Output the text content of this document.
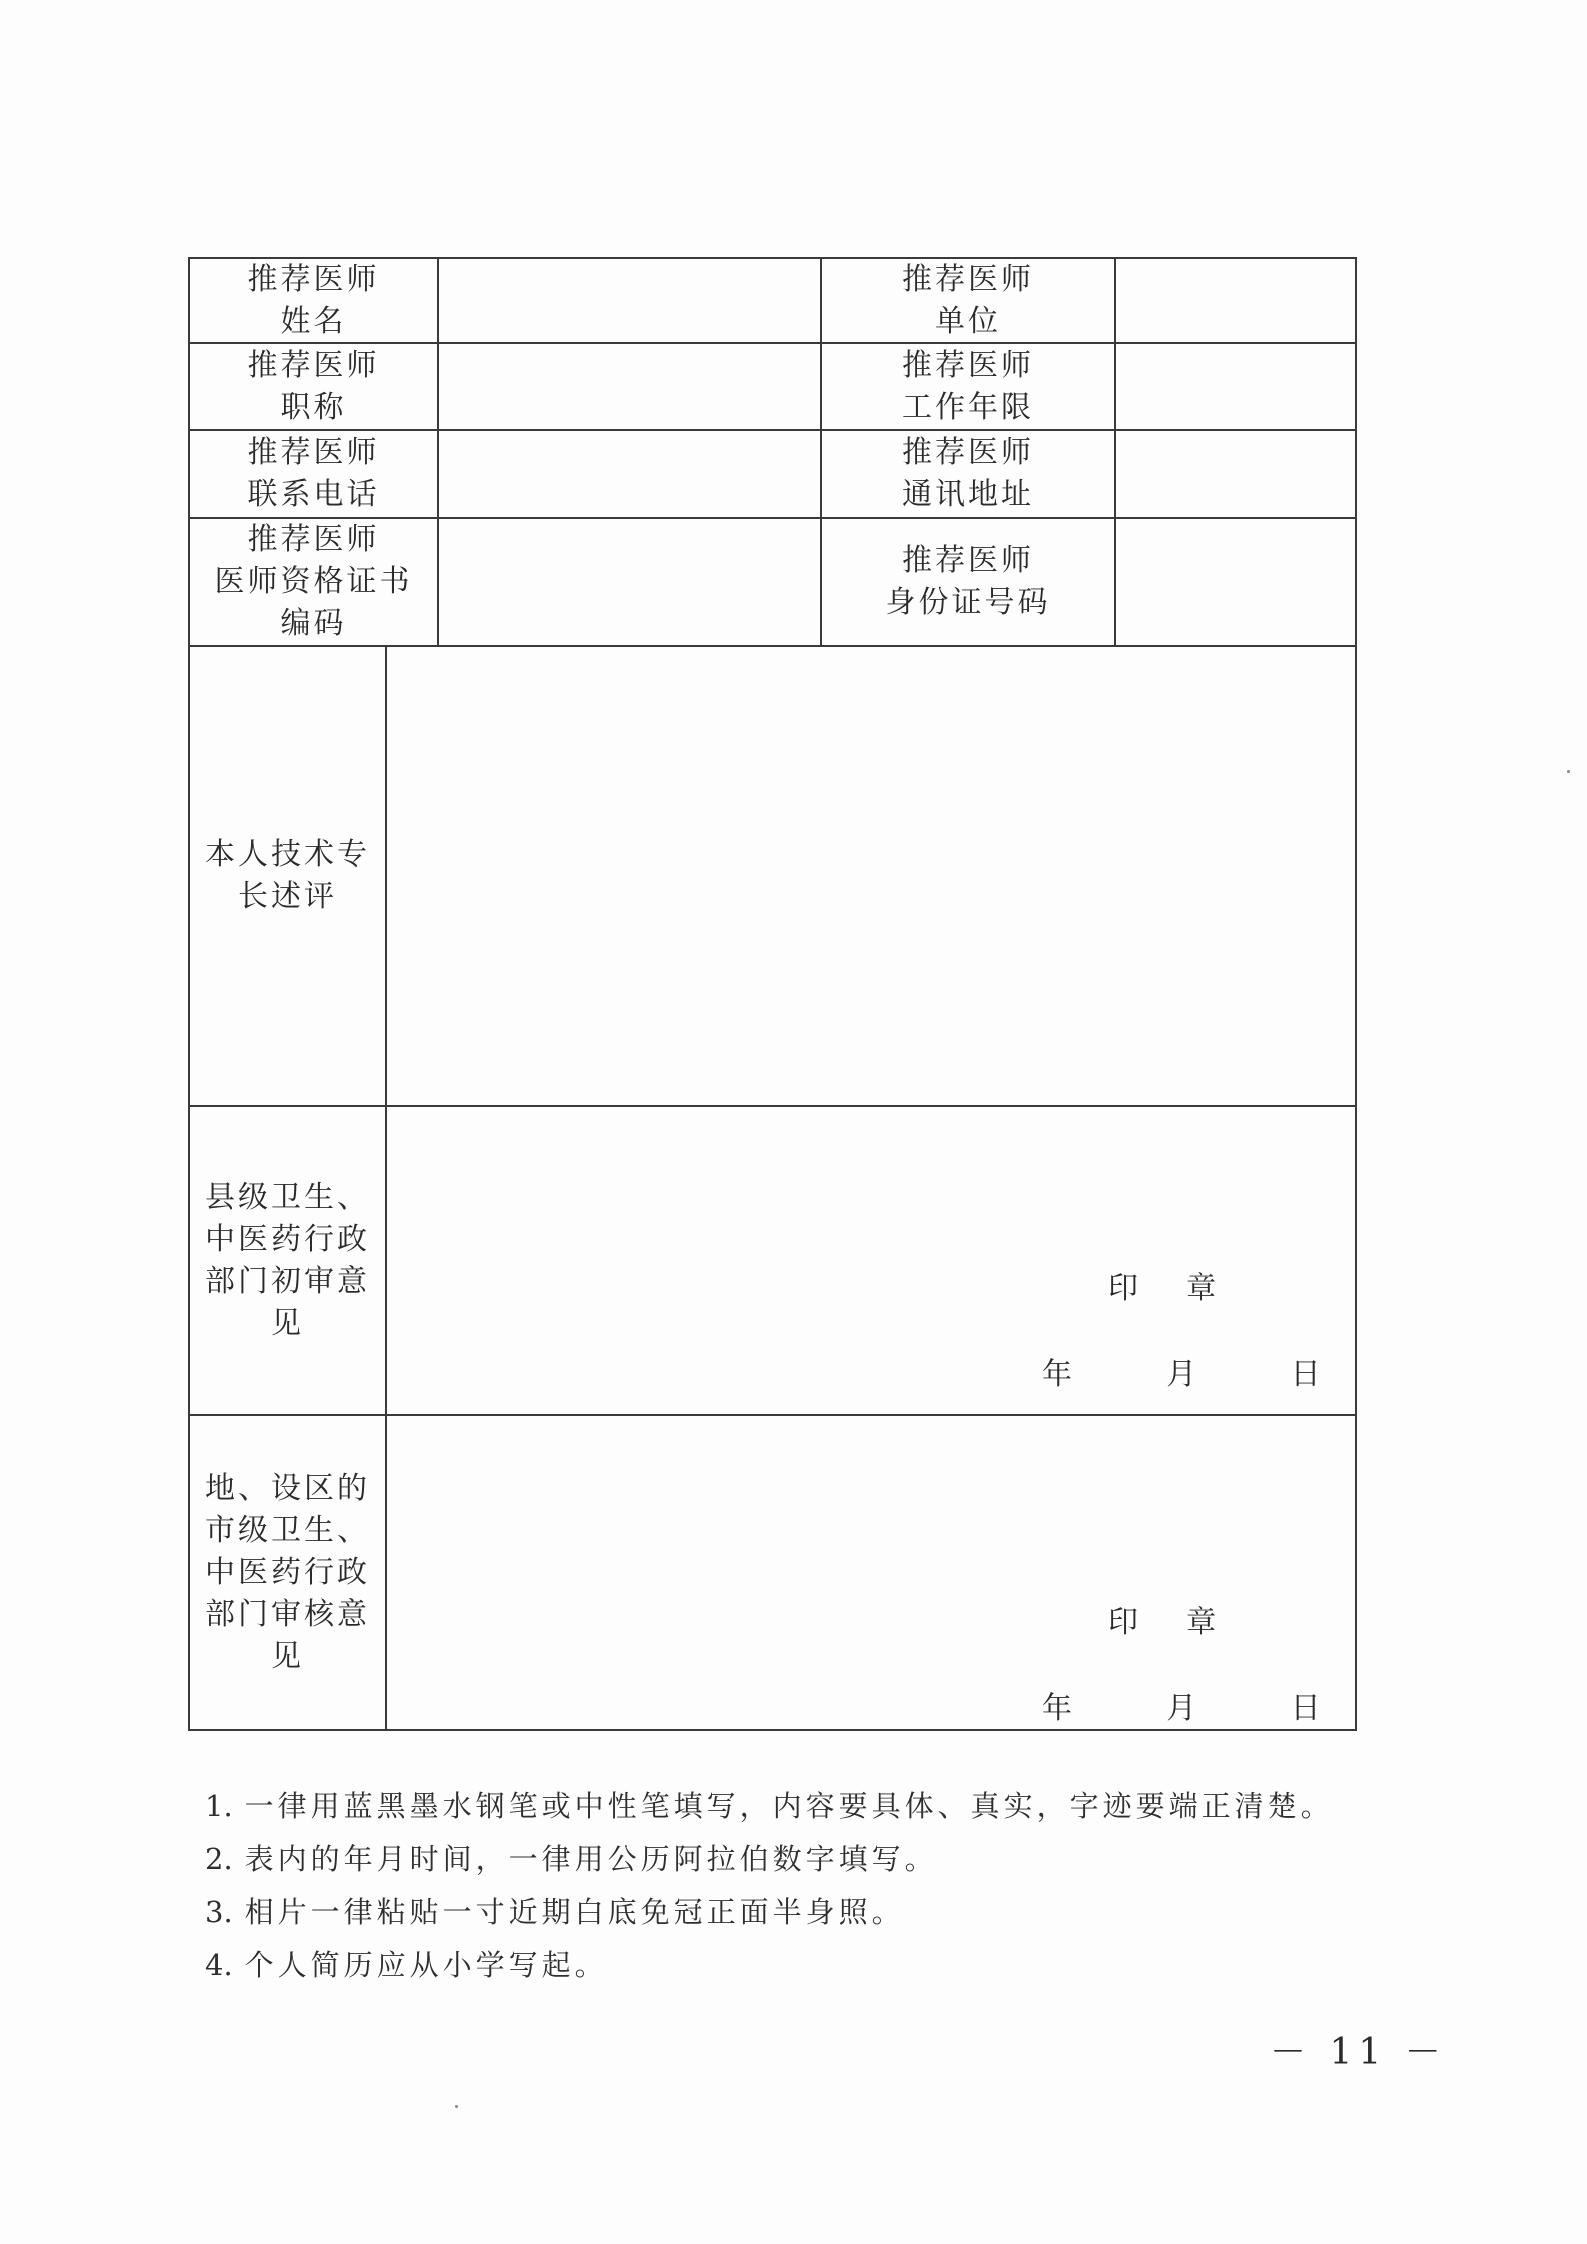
推荐医师
姓名
推荐医师
单位
推荐医师
职称
推荐医师
工作年限
推荐医师
联系电话
推荐医师
通讯地址
推荐医师
医师资格证书
编码
推荐医师
身份证号码
本人技术专
长述评
县级卫生、
中医药行政
部门初审意
见
印    章
年        月        日
地、设区的
市级卫生、
中医药行政
部门审核意
见
印    章
年        月        日
1. 一律用蓝黑墨水钢笔或中性笔填写，内容要具体、真实，字迹要端正清楚。
2. 表内的年月时间，一律用公历阿拉伯数字填写。
3. 相片一律粘贴一寸近期白底免冠正面半身照。
4. 个人简历应从小学写起。
－ 11 －
